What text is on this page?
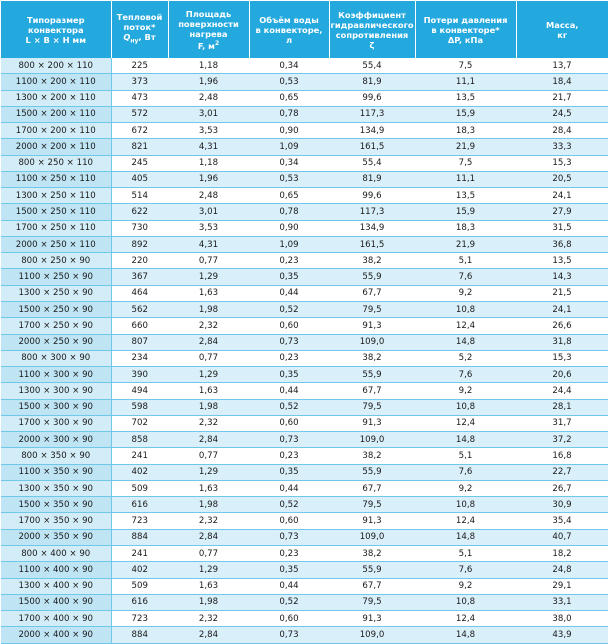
Типоразмер
конвектора
L × B × H мм	Тепловой
поток*
$Q_{ну}$, Вт	Площадь
поверхности
нагрева
F, $м^2$	Объём воды
в конвекторе,
л	Коэффициент
гидравлического
сопротивления
ζ	Потери давления
в конвекторе*
ΔP, кПа	Масса,
кг

800 × 200 × 110	225	1,18	0,34	55,4	7,5	13,7
1100 × 200 × 110	373	1,96	0,53	81,9	11,1	18,4
1300 × 200 × 110	473	2,48	0,65	99,6	13,5	21,7
1500 × 200 × 110	572	3,01	0,78	117,3	15,9	24,5
1700 × 200 × 110	672	3,53	0,90	134,9	18,3	28,4
2000 × 200 × 110	821	4,31	1,09	161,5	21,9	33,3
800 × 250 × 110	245	1,18	0,34	55,4	7,5	15,3
1100 × 250 × 110	405	1,96	0,53	81,9	11,1	20,5
1300 × 250 × 110	514	2,48	0,65	99,6	13,5	24,1
1500 × 250 × 110	622	3,01	0,78	117,3	15,9	27,9
1700 × 250 × 110	730	3,53	0,90	134,9	18,3	31,5
2000 × 250 × 110	892	4,31	1,09	161,5	21,9	36,8
800 × 250 × 90	220	0,77	0,23	38,2	5,1	13,5
1100 × 250 × 90	367	1,29	0,35	55,9	7,6	14,3
1300 × 250 × 90	464	1,63	0,44	67,7	9,2	21,5
1500 × 250 × 90	562	1,98	0,52	79,5	10,8	24,1
1700 × 250 × 90	660	2,32	0,60	91,3	12,4	26,6
2000 × 250 × 90	807	2,84	0,73	109,0	14,8	31,8
800 × 300 × 90	234	0,77	0,23	38,2	5,2	15,3
1100 × 300 × 90	390	1,29	0,35	55,9	7,6	20,6
1300 × 300 × 90	494	1,63	0,44	67,7	9,2	24,4
1500 × 300 × 90	598	1,98	0,52	79,5	10,8	28,1
1700 × 300 × 90	702	2,32	0,60	91,3	12,4	31,7
2000 × 300 × 90	858	2,84	0,73	109,0	14,8	37,2
800 × 350 × 90	241	0,77	0,23	38,2	5,1	16,8
1100 × 350 × 90	402	1,29	0,35	55,9	7,6	22,7
1300 × 350 × 90	509	1,63	0,44	67,7	9,2	26,7
1500 × 350 × 90	616	1,98	0,52	79,5	10,8	30,9
1700 × 350 × 90	723	2,32	0,60	91,3	12,4	35,4
2000 × 350 × 90	884	2,84	0,73	109,0	14,8	40,7
800 × 400 × 90	241	0,77	0,23	38,2	5,1	18,2
1100 × 400 × 90	402	1,29	0,35	55,9	7,6	24,8
1300 × 400 × 90	509	1,63	0,44	67,7	9,2	29,1
1500 × 400 × 90	616	1,98	0,52	79,5	10,8	33,1
1700 × 400 × 90	723	2,32	0,60	91,3	12,4	38,0
2000 × 400 × 90	884	2,84	0,73	109,0	14,8	43,9
